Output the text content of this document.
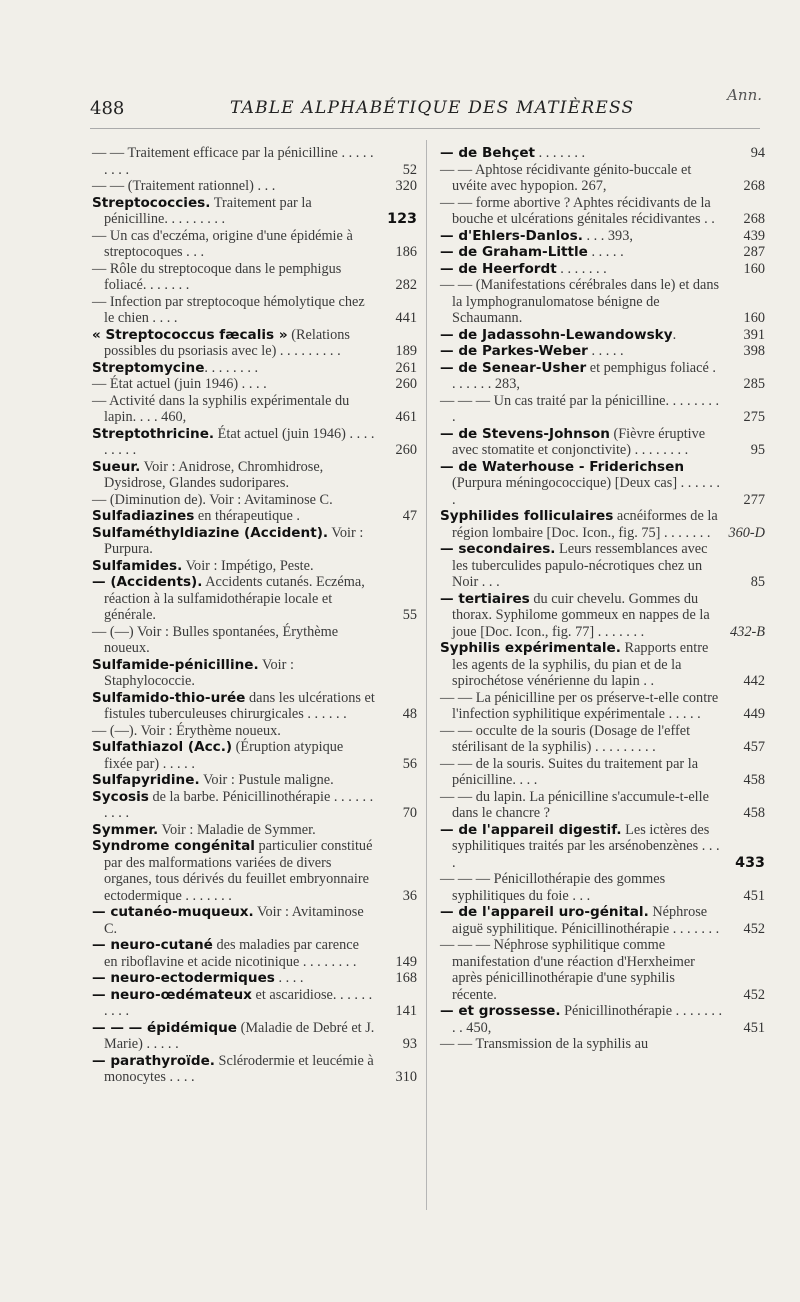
Ann.
488	TABLE ALPHABÉTIQUE DES MATIÈRESS

— — Traitement efficace par la pénicilline . . . . . . . . .	52

— — (Traitement rationnel) . . .	320

Streptococcies. Traitement par la pénicilline. . . . . . . . .	123

— Un cas d'eczéma, origine d'une épidémie à streptocoques . . .	186

— Rôle du streptocoque dans le pemphigus foliacé. . . . . . .	282

— Infection par streptocoque hémolytique chez le chien . . . .	441

« Streptococcus fæcalis » (Relations possibles du psoriasis avec le) . . . . . . . . .	189

Streptomycine. . . . . . . .	261

— État actuel (juin 1946) . . . .	260

— Activité dans la syphilis expérimentale du lapin. . . . 460,	461

Streptothricine. État actuel (juin 1946) . . . . . . . . .	260

Sueur. Voir : Anidrose, Chromhidrose, Dysidrose, Glandes sudoripares.

— (Diminution de). Voir : Avitaminose C.

Sulfadiazines en thérapeutique .	47

Sulfaméthyldiazine (Accident). Voir : Purpura.

Sulfamides. Voir : Impétigo, Peste.

— (Accidents). Accidents cutanés. Eczéma, réaction à la sulfamidothérapie locale et générale.	55

— (—) Voir : Bulles spontanées, Érythème noueux.

Sulfamide-pénicilline. Voir : Staphylococcie.

Sulfamido-thio-urée dans les ulcérations et fistules tuberculeuses chirurgicales . . . . . .	48

— (—). Voir : Érythème noueux.

Sulfathiazol (Acc.) (Éruption atypique fixée par) . . . . .	56

Sulfapyridine. Voir : Pustule maligne.

Sycosis de la barbe. Pénicillinothérapie . . . . . . . . . .	70

Symmer. Voir : Maladie de Symmer.

Syndrome congénital particulier constitué par des malformations variées de divers organes, tous dérivés du feuillet embryonnaire ectodermique . . . . . . .	36

— cutanéo-muqueux. Voir : Avitaminose C.

— neuro-cutané des maladies par carence en riboflavine et acide nicotinique . . . . . . . .	149

— neuro-ectodermiques . . . .	168

— neuro-œdémateux et ascaridiose. . . . . . . . . .	141

— — — épidémique (Maladie de Debré et J. Marie) . . . . .	93

— parathyroïde. Sclérodermie et leucémie à monocytes . . . .	310

— de Behçet . . . . . . .	94

— — Aphtose récidivante génito-buccale et uvéite avec hypopion. 267,	268

— — forme abortive ? Aphtes récidivants de la bouche et ulcérations génitales récidivantes . . 268

— d'Ehlers-Danlos. . . . 393,	439

— de Graham-Little . . . . .	287

— de Heerfordt . . . . . . .	160

— — (Manifestations cérébrales dans le) et dans la lymphogranulomatose bénigne de Schaumann.	160

— de Jadassohn-Lewandowsky.	391

— de Parkes-Weber . . . . .	398

— de Senear-Usher et pemphigus foliacé . . . . . . . 283,	285

— — — Un cas traité par la pénicilline. . . . . . . . .	275

— de Stevens-Johnson (Fièvre éruptive avec stomatite et conjonctivite) . . . . . . . .	95

— de Waterhouse - Friderichsen (Purpura méningococcique) [Deux cas] . . . . . . .	277

Syphilides folliculaires acnéiformes de la région lombaire [Doc. Icon., fig. 75] . . . . . . . 360-D

— secondaires. Leurs ressemblances avec les tuberculides papulo-nécrotiques chez un Noir . . .	85

— tertiaires du cuir chevelu. Gommes du thorax. Syphilome gommeux en nappes de la joue [Doc. Icon., fig. 77] . . . . . . .	432-B

Syphilis expérimentale. Rapports entre les agents de la syphilis, du pian et de la spirochétose vénérienne du lapin . .	442

— — La pénicilline per os préserve-t-elle contre l'infection syphilitique expérimentale . . . . .	449

— — occulte de la souris (Dosage de l'effet stérilisant de la syphilis) . . . . . . . . .	457

— — de la souris. Suites du traitement par la pénicilline. . . .	458

— — du lapin. La pénicilline s'accumule-t-elle dans le chancre ?	458

— de l'appareil digestif. Les ictères des syphilitiques traités par les arsénobenzènes . . . .	433

— — — Pénicillothérapie des gommes syphilitiques du foie . . .	451

— de l'appareil uro-génital. Néphrose aiguë syphilitique. Pénicillinothérapie . . . . . . . 452

— — — Néphrose syphilitique comme manifestation d'une réaction d'Herxheimer après pénicillinothérapie d'une syphilis récente.	452

— et grossesse. Pénicillinothérapie . . . . . . . . . 450,	451

— — Transmission de la syphilis au
